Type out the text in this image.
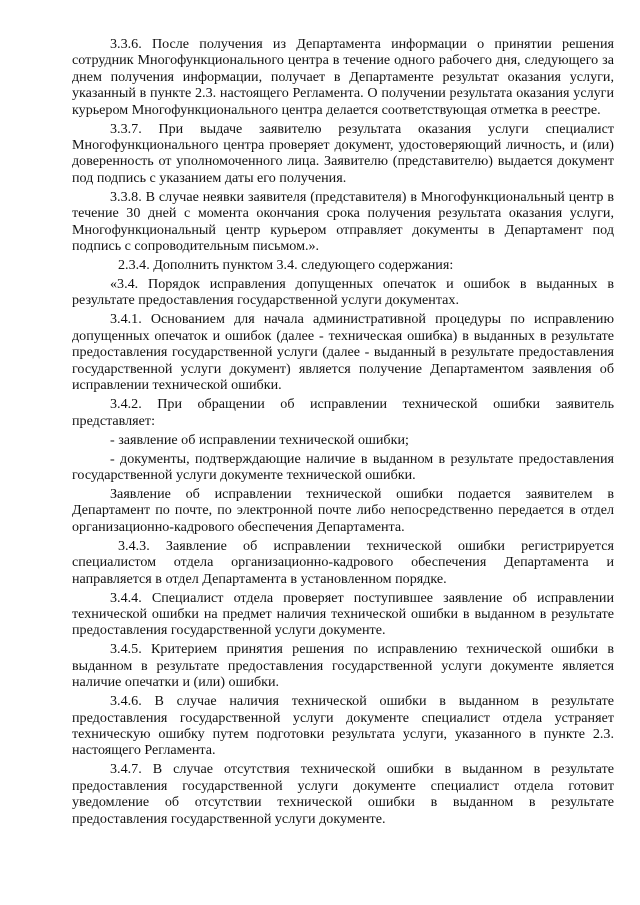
3.3.6. После получения из Департамента информации о принятии решения сотрудник Многофункционального центра в течение одного рабочего дня, следующего за днем получения информации, получает в Департаменте результат оказания услуги, указанный в пункте 2.3. настоящего Регламента. О получении результата оказания услуги курьером Многофункционального центра делается соответствующая отметка в реестре.

3.3.7. При выдаче заявителю результата оказания услуги специалист Многофункционального центра проверяет документ, удостоверяющий личность, и (или) доверенность от уполномоченного лица. Заявителю (представителю) выдается документ под подпись с указанием даты его получения.

3.3.8. В случае неявки заявителя (представителя) в Многофункциональный центр в течение 30 дней с момента окончания срока получения результата оказания услуги, Многофункциональный центр курьером отправляет документы в Департамент под подпись с сопроводительным письмом.».

2.3.4. Дополнить пунктом 3.4. следующего содержания:

«3.4. Порядок исправления допущенных опечаток и ошибок в выданных в результате предоставления государственной услуги документах.

3.4.1. Основанием для начала административной процедуры по исправлению допущенных опечаток и ошибок (далее - техническая ошибка) в выданных в результате предоставления государственной услуги (далее - выданный в результате предоставления государственной услуги документ) является получение Департаментом заявления об исправлении технической ошибки.

3.4.2. При обращении об исправлении технической ошибки заявитель представляет:

- заявление об исправлении технической ошибки;

- документы, подтверждающие наличие в выданном в результате предоставления государственной услуги документе технической ошибки.

Заявление об исправлении технической ошибки подается заявителем в Департамент по почте, по электронной почте либо непосредственно передается в отдел организационно-кадрового обеспечения Департамента.

3.4.3. Заявление об исправлении технической ошибки регистрируется специалистом отдела организационно-кадрового обеспечения Департамента и направляется в отдел Департамента в установленном порядке.

3.4.4. Специалист отдела проверяет поступившее заявление об исправлении технической ошибки на предмет наличия технической ошибки в выданном в результате предоставления государственной услуги документе.

3.4.5. Критерием принятия решения по исправлению технической ошибки в выданном в результате предоставления государственной услуги документе является наличие опечатки и (или) ошибки.

3.4.6. В случае наличия технической ошибки в выданном в результате предоставления государственной услуги документе специалист отдела устраняет техническую ошибку путем подготовки результата услуги, указанного в пункте 2.3. настоящего Регламента.

3.4.7. В случае отсутствия технической ошибки в выданном в результате предоставления государственной услуги документе специалист отдела готовит уведомление об отсутствии технической ошибки в выданном в результате предоставления государственной услуги документе.
